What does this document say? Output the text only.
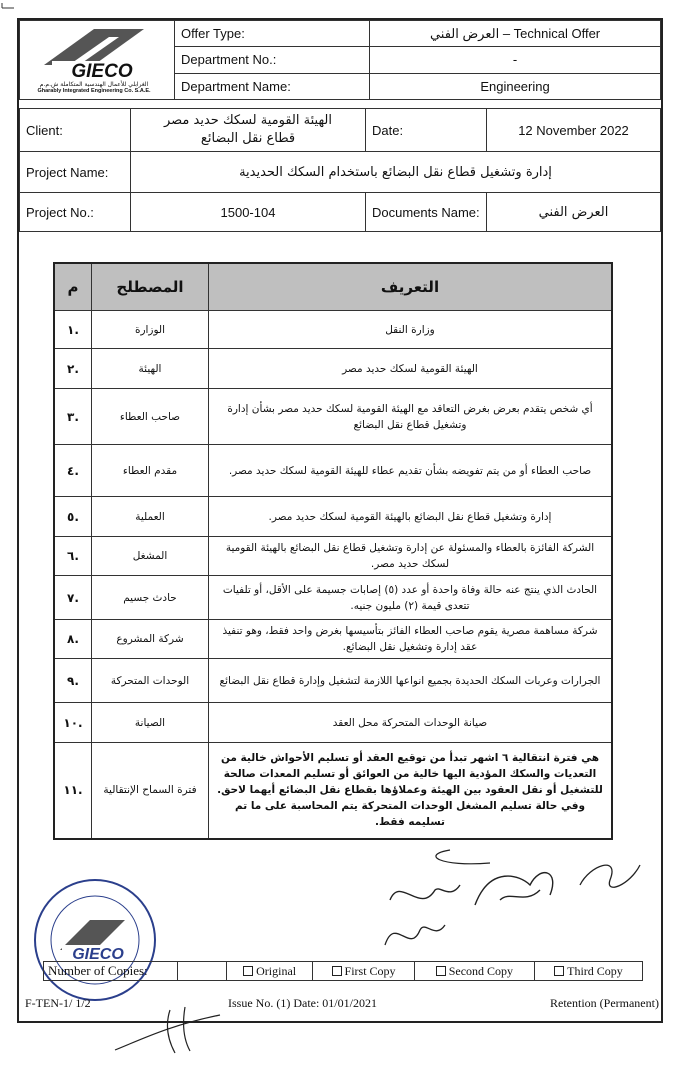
GIECO
الغرابلي للأعمال الهندسية المتكاملة ش.م.م
Gharably Integrated Engineering Co. S.A.E.	Offer Type:	العرض الفني – Technical Offer
	Department No.:	-
	Department Name:	Engineering
Client:	الهيئة القومية لسكك حديد مصر
قطاع نقل البضائع	Date:	12 November 2022
Project Name:	إدارة وتشغيل قطاع نقل البضائع باستخدام السكك الحديدية		
Project No.:	1500-104	Documents Name:	العرض الفني
م	المصطلح	التعريف
.١	الوزارة	وزارة النقل
.٢	الهيئة	الهيئة القومية لسكك حديد مصر
.٣	صاحب العطاء	أي شخص يتقدم بعرض بغرض التعاقد مع الهيئة القومية لسكك حديد مصر بشأن إدارة وتشغيل قطاع نقل البضائع
.٤	مقدم العطاء	صاحب العطاء أو من يتم تفويضه بشأن تقديم عطاء للهيئة القومية لسكك حديد مصر.
.٥	العملية	إدارة وتشغيل قطاع نقل البضائع بالهيئة القومية لسكك حديد مصر.
.٦	المشغل	الشركة الفائزة بالعطاء والمسئولة عن إدارة وتشغيل قطاع نقل البضائع بالهيئة القومية لسكك حديد مصر.
.٧	حادث جسيم	الحادث الذي ينتج عنه حالة وفاة واحدة أو عدد (٥) إصابات جسيمة على الأقل، أو تلفيات تتعدى قيمة (٢) مليون جنيه.
.٨	شركة المشروع	شركة مساهمة مصرية يقوم صاحب العطاء الفائز بتأسيسها بغرض واحد فقط، وهو تنفيذ عقد إدارة وتشغيل نقل البضائع.
.٩	الوحدات المتحركة	الجرارات وعربات السكك الحديدة بجميع انواعها اللازمة لتشغيل وإدارة قطاع نقل البضائع
.١٠	الصيانة	صيانة الوحدات المتحركة محل العقد
.١١	فترة السماح الإنتقالية	هي فترة انتقالية ٦ اشهر تبدأ من توقيع العقد أو تسليم الأحواش خالية من التعديات والسكك المؤدية اليها خالية من العوائق أو تسليم المعدات صالحة للتشغيل أو نقل العقود بين الهيئة وعملاؤها بقطاع نقل البضائع أيهما لاحق. وفي حالة تسليم المشغل الوحدات المتحركة يتم المحاسبة على ما تم تسليمه فقط.
GIECO
Number of Copies:		Original	First Copy	Second Copy	Third Copy
F-TEN-1/ 1/2	Issue No. (1) Date: 01/01/2021	Retention (Permanent)
